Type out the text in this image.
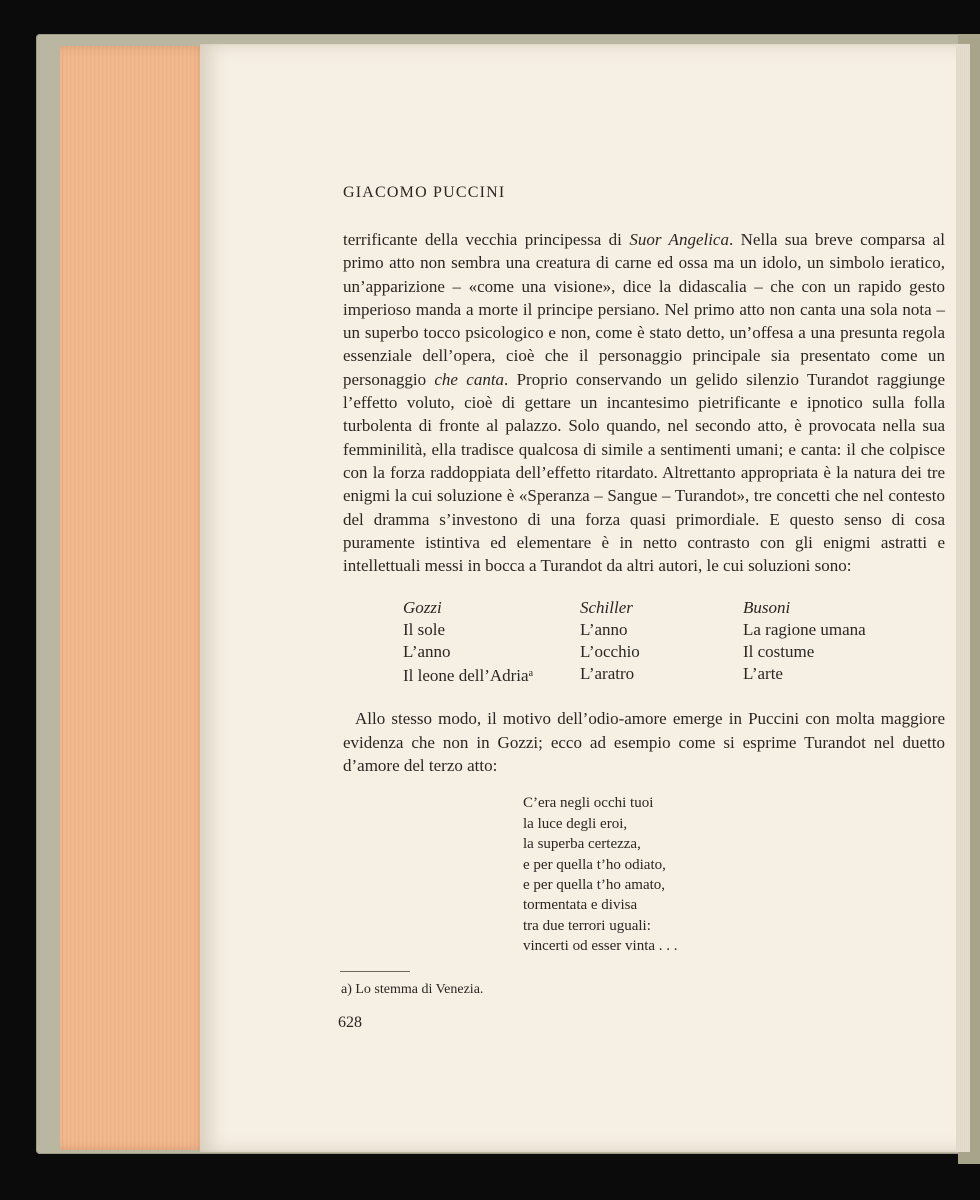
GIACOMO PUCCINI

terrificante della vecchia principessa di Suor Angelica. Nella sua breve comparsa al primo atto non sembra una creatura di carne ed ossa ma un idolo, un simbolo ieratico, un’apparizione – «come una visione», dice la didascalia – che con un rapido gesto imperioso manda a morte il principe persiano. Nel primo atto non canta una sola nota – un superbo tocco psicologico e non, come è stato detto, un’offesa a una presunta regola essenziale dell’opera, cioè che il personaggio principale sia presentato come un personaggio che canta. Proprio conservando un gelido silenzio Turandot raggiunge l’effetto voluto, cioè di gettare un incantesimo pietrificante e ipnotico sulla folla turbolenta di fronte al palazzo. Solo quando, nel secondo atto, è provocata nella sua femminilità, ella tradisce qualcosa di simile a sentimenti umani; e canta: il che colpisce con la forza raddoppiata dell’effetto ritardato. Altrettanto appropriata è la natura dei tre enigmi la cui soluzione è «Speranza – Sangue – Turandot», tre concetti che nel contesto del dramma s’investono di una forza quasi primordiale. E questo senso di cosa puramente istintiva ed elementare è in netto contrasto con gli enigmi astratti e intellettuali messi in bocca a Turandot da altri autori, le cui soluzioni sono:

Gozzi
Il sole
L’anno
Il leone dell’Adria$^a$
Schiller
L’anno
L’occhio
L’aratro
Busoni
La ragione umana
Il costume
L’arte

Allo stesso modo, il motivo dell’odio-amore emerge in Puccini con molta maggiore evidenza che non in Gozzi; ecco ad esempio come si esprime Turandot nel duetto d’amore del terzo atto:

C’era negli occhi tuoi
la luce degli eroi,
la superba certezza,
e per quella t’ho odiato,
e per quella t’ho amato,
tormentata e divisa
tra due terrori uguali:
vincerti od esser vinta . . .
a) Lo stemma di Venezia.
628
